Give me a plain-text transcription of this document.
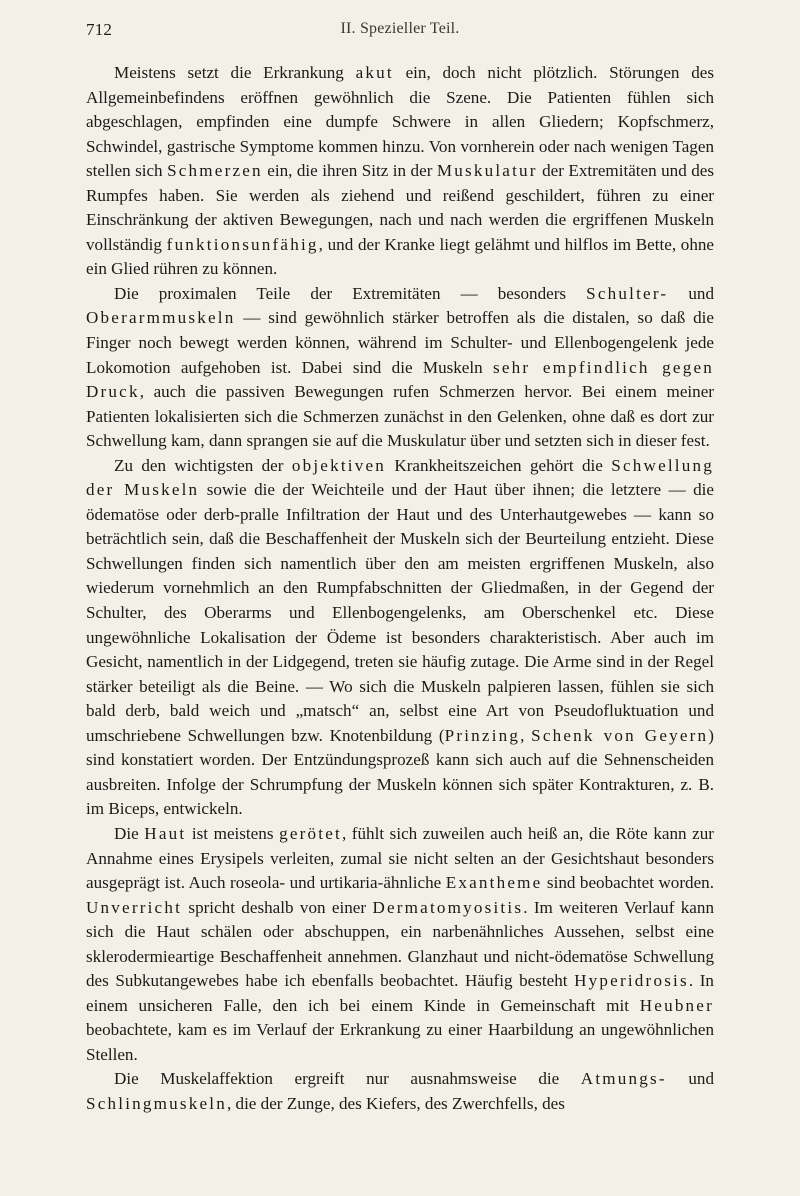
712	II. Spezieller Teil.

Meistens setzt die Erkrankung akut ein, doch nicht plötzlich. Störungen des Allgemeinbefindens eröffnen gewöhnlich die Szene. Die Patienten fühlen sich abgeschlagen, empfinden eine dumpfe Schwere in allen Gliedern; Kopfschmerz, Schwindel, gastrische Symptome kommen hinzu. Von vornherein oder nach wenigen Tagen stellen sich Schmerzen ein, die ihren Sitz in der Muskulatur der Extremitäten und des Rumpfes haben. Sie werden als ziehend und reißend geschildert, führen zu einer Einschränkung der aktiven Bewegungen, nach und nach werden die ergriffenen Muskeln vollständig funktionsunfähig, und der Kranke liegt gelähmt und hilflos im Bette, ohne ein Glied rühren zu können.

Die proximalen Teile der Extremitäten — besonders Schulter- und Oberarmmuskeln — sind gewöhnlich stärker betroffen als die distalen, so daß die Finger noch bewegt werden können, während im Schulter- und Ellenbogengelenk jede Lokomotion aufgehoben ist. Dabei sind die Muskeln sehr empfindlich gegen Druck, auch die passiven Bewegungen rufen Schmerzen hervor. Bei einem meiner Patienten lokalisierten sich die Schmerzen zunächst in den Gelenken, ohne daß es dort zur Schwellung kam, dann sprangen sie auf die Muskulatur über und setzten sich in dieser fest.

Zu den wichtigsten der objektiven Krankheitszeichen gehört die Schwellung der Muskeln sowie die der Weichteile und der Haut über ihnen; die letztere — die ödematöse oder derb-pralle Infiltration der Haut und des Unterhautgewebes — kann so beträchtlich sein, daß die Beschaffenheit der Muskeln sich der Beurteilung entzieht. Diese Schwellungen finden sich namentlich über den am meisten ergriffenen Muskeln, also wiederum vornehmlich an den Rumpfabschnitten der Gliedmaßen, in der Gegend der Schulter, des Oberarms und Ellenbogengelenks, am Oberschenkel etc. Diese ungewöhnliche Lokalisation der Ödeme ist besonders charakteristisch. Aber auch im Gesicht, namentlich in der Lidgegend, treten sie häufig zutage. Die Arme sind in der Regel stärker beteiligt als die Beine. — Wo sich die Muskeln palpieren lassen, fühlen sie sich bald derb, bald weich und „matsch“ an, selbst eine Art von Pseudofluktuation und umschriebene Schwellungen bzw. Knotenbildung (Prinzing, Schenk von Geyern) sind konstatiert worden. Der Entzündungsprozeß kann sich auch auf die Sehnenscheiden ausbreiten. Infolge der Schrumpfung der Muskeln können sich später Kontrakturen, z. B. im Biceps, entwickeln.

Die Haut ist meistens gerötet, fühlt sich zuweilen auch heiß an, die Röte kann zur Annahme eines Erysipels verleiten, zumal sie nicht selten an der Gesichtshaut besonders ausgeprägt ist. Auch roseola- und urtikaria-ähnliche Exantheme sind beobachtet worden. Unverricht spricht deshalb von einer Dermatomyositis. Im weiteren Verlauf kann sich die Haut schälen oder abschuppen, ein narbenähnliches Aussehen, selbst eine sklerodermieartige Beschaffenheit annehmen. Glanzhaut und nicht-ödematöse Schwellung des Subkutangewebes habe ich ebenfalls beobachtet. Häufig besteht Hyperidrosis. In einem unsicheren Falle, den ich bei einem Kinde in Gemeinschaft mit Heubner beobachtete, kam es im Verlauf der Erkrankung zu einer Haarbildung an ungewöhnlichen Stellen.

Die Muskelaffektion ergreift nur ausnahmsweise die Atmungs- und Schlingmuskeln, die der Zunge, des Kiefers, des Zwerchfells, des
